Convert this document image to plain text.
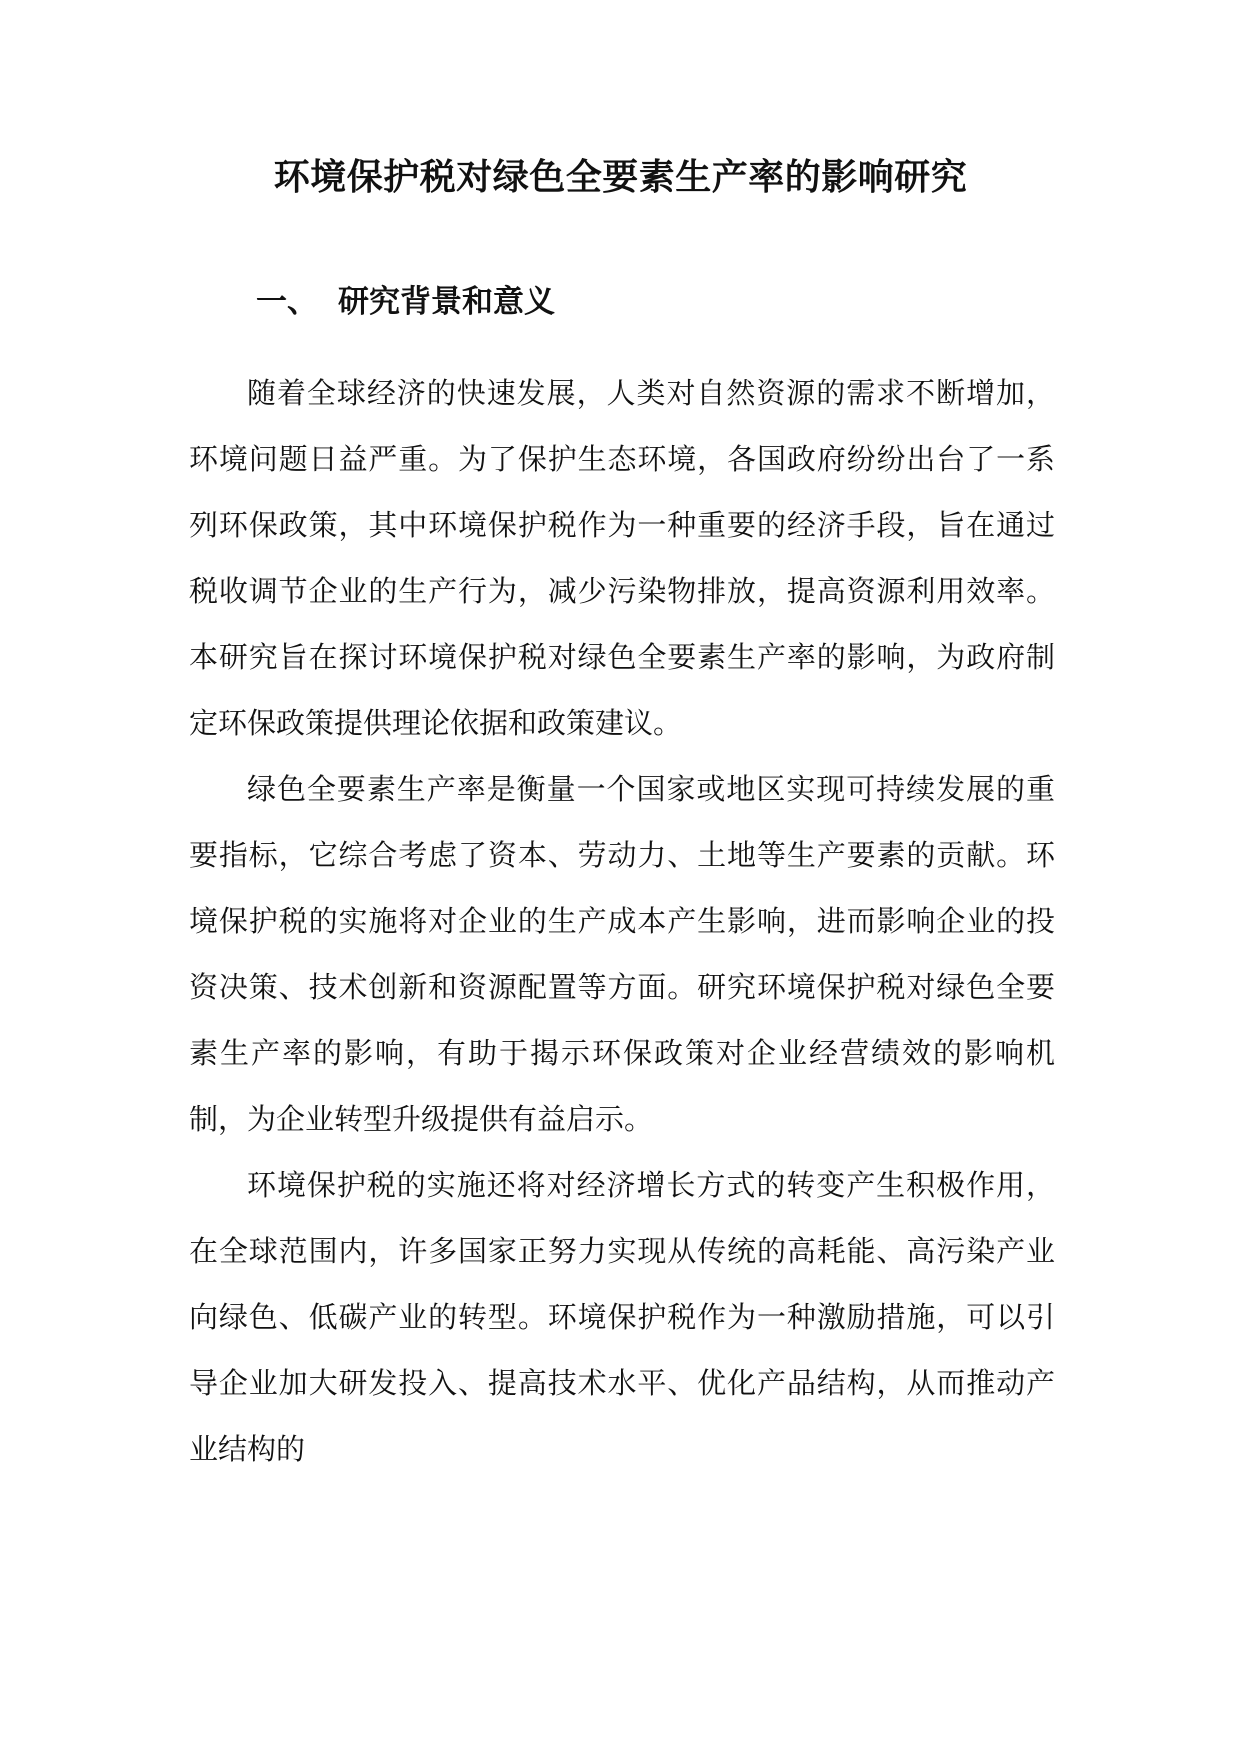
环境保护税对绿色全要素生产率的影响研究
一、 研究背景和意义

随着全球经济的快速发展，人类对自然资源的需求不断增加，环境问题日益严重。为了保护生态环境，各国政府纷纷出台了一系列环保政策，其中环境保护税作为一种重要的经济手段，旨在通过税收调节企业的生产行为，减少污染物排放，提高资源利用效率。本研究旨在探讨环境保护税对绿色全要素生产率的影响，为政府制定环保政策提供理论依据和政策建议。

绿色全要素生产率是衡量一个国家或地区实现可持续发展的重要指标，它综合考虑了资本、劳动力、土地等生产要素的贡献。环境保护税的实施将对企业的生产成本产生影响，进而影响企业的投资决策、技术创新和资源配置等方面。研究环境保护税对绿色全要素生产率的影响，有助于揭示环保政策对企业经营绩效的影响机制，为企业转型升级提供有益启示。

环境保护税的实施还将对经济增长方式的转变产生积极作用，在全球范围内，许多国家正努力实现从传统的高耗能、高污染产业向绿色、低碳产业的转型。环境保护税作为一种激励措施，可以引导企业加大研发投入、提高技术水平、优化产品结构，从而推动产业结构的
